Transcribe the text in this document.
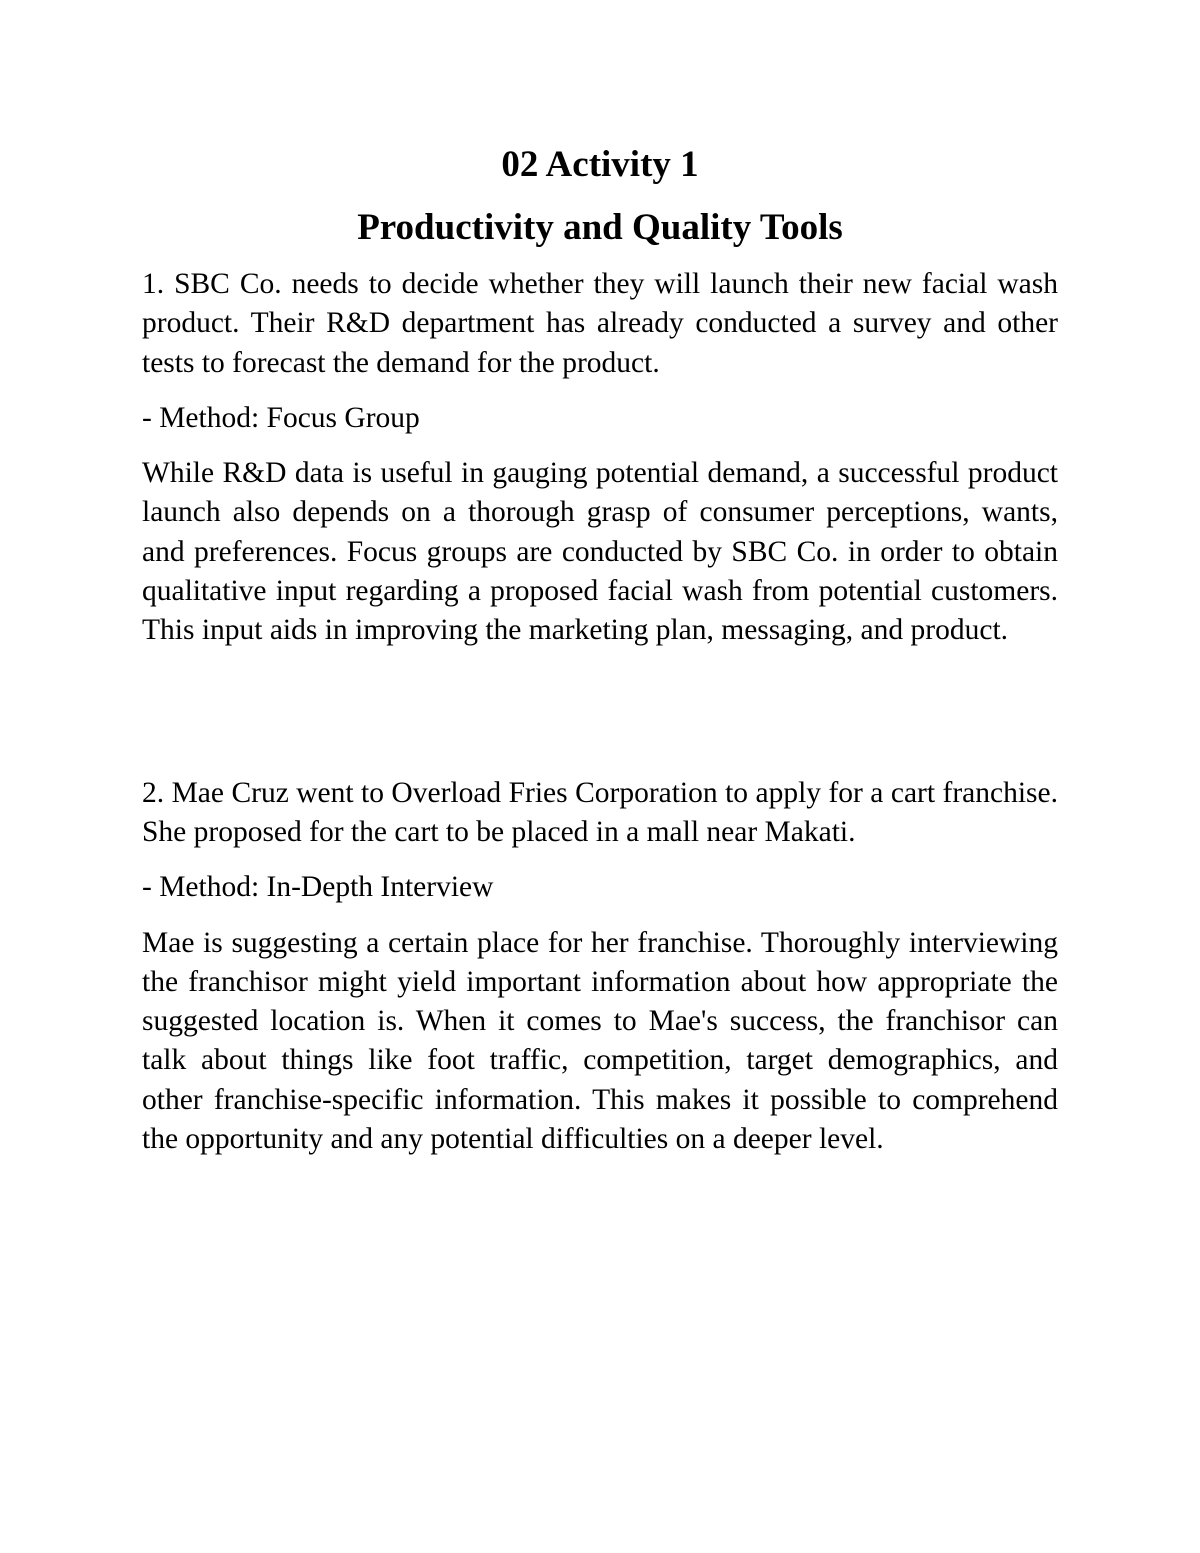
02 Activity 1
Productivity and Quality Tools

1. SBC Co. needs to decide whether they will launch their new facial wash product. Their R&D department has already conducted a survey and other tests to forecast the demand for the product.

- Method: Focus Group

While R&D data is useful in gauging potential demand, a successful product launch also depends on a thorough grasp of consumer perceptions, wants, and preferences. Focus groups are conducted by SBC Co. in order to obtain qualitative input regarding a proposed facial wash from potential customers. This input aids in improving the marketing plan, messaging, and product.

2. Mae Cruz went to Overload Fries Corporation to apply for a cart franchise. She proposed for the cart to be placed in a mall near Makati.

- Method: In-Depth Interview

Mae is suggesting a certain place for her franchise. Thoroughly interviewing the franchisor might yield important information about how appropriate the suggested location is. When it comes to Mae's success, the franchisor can talk about things like foot traffic, competition, target demographics, and other franchise-specific information. This makes it possible to comprehend the opportunity and any potential difficulties on a deeper level.
